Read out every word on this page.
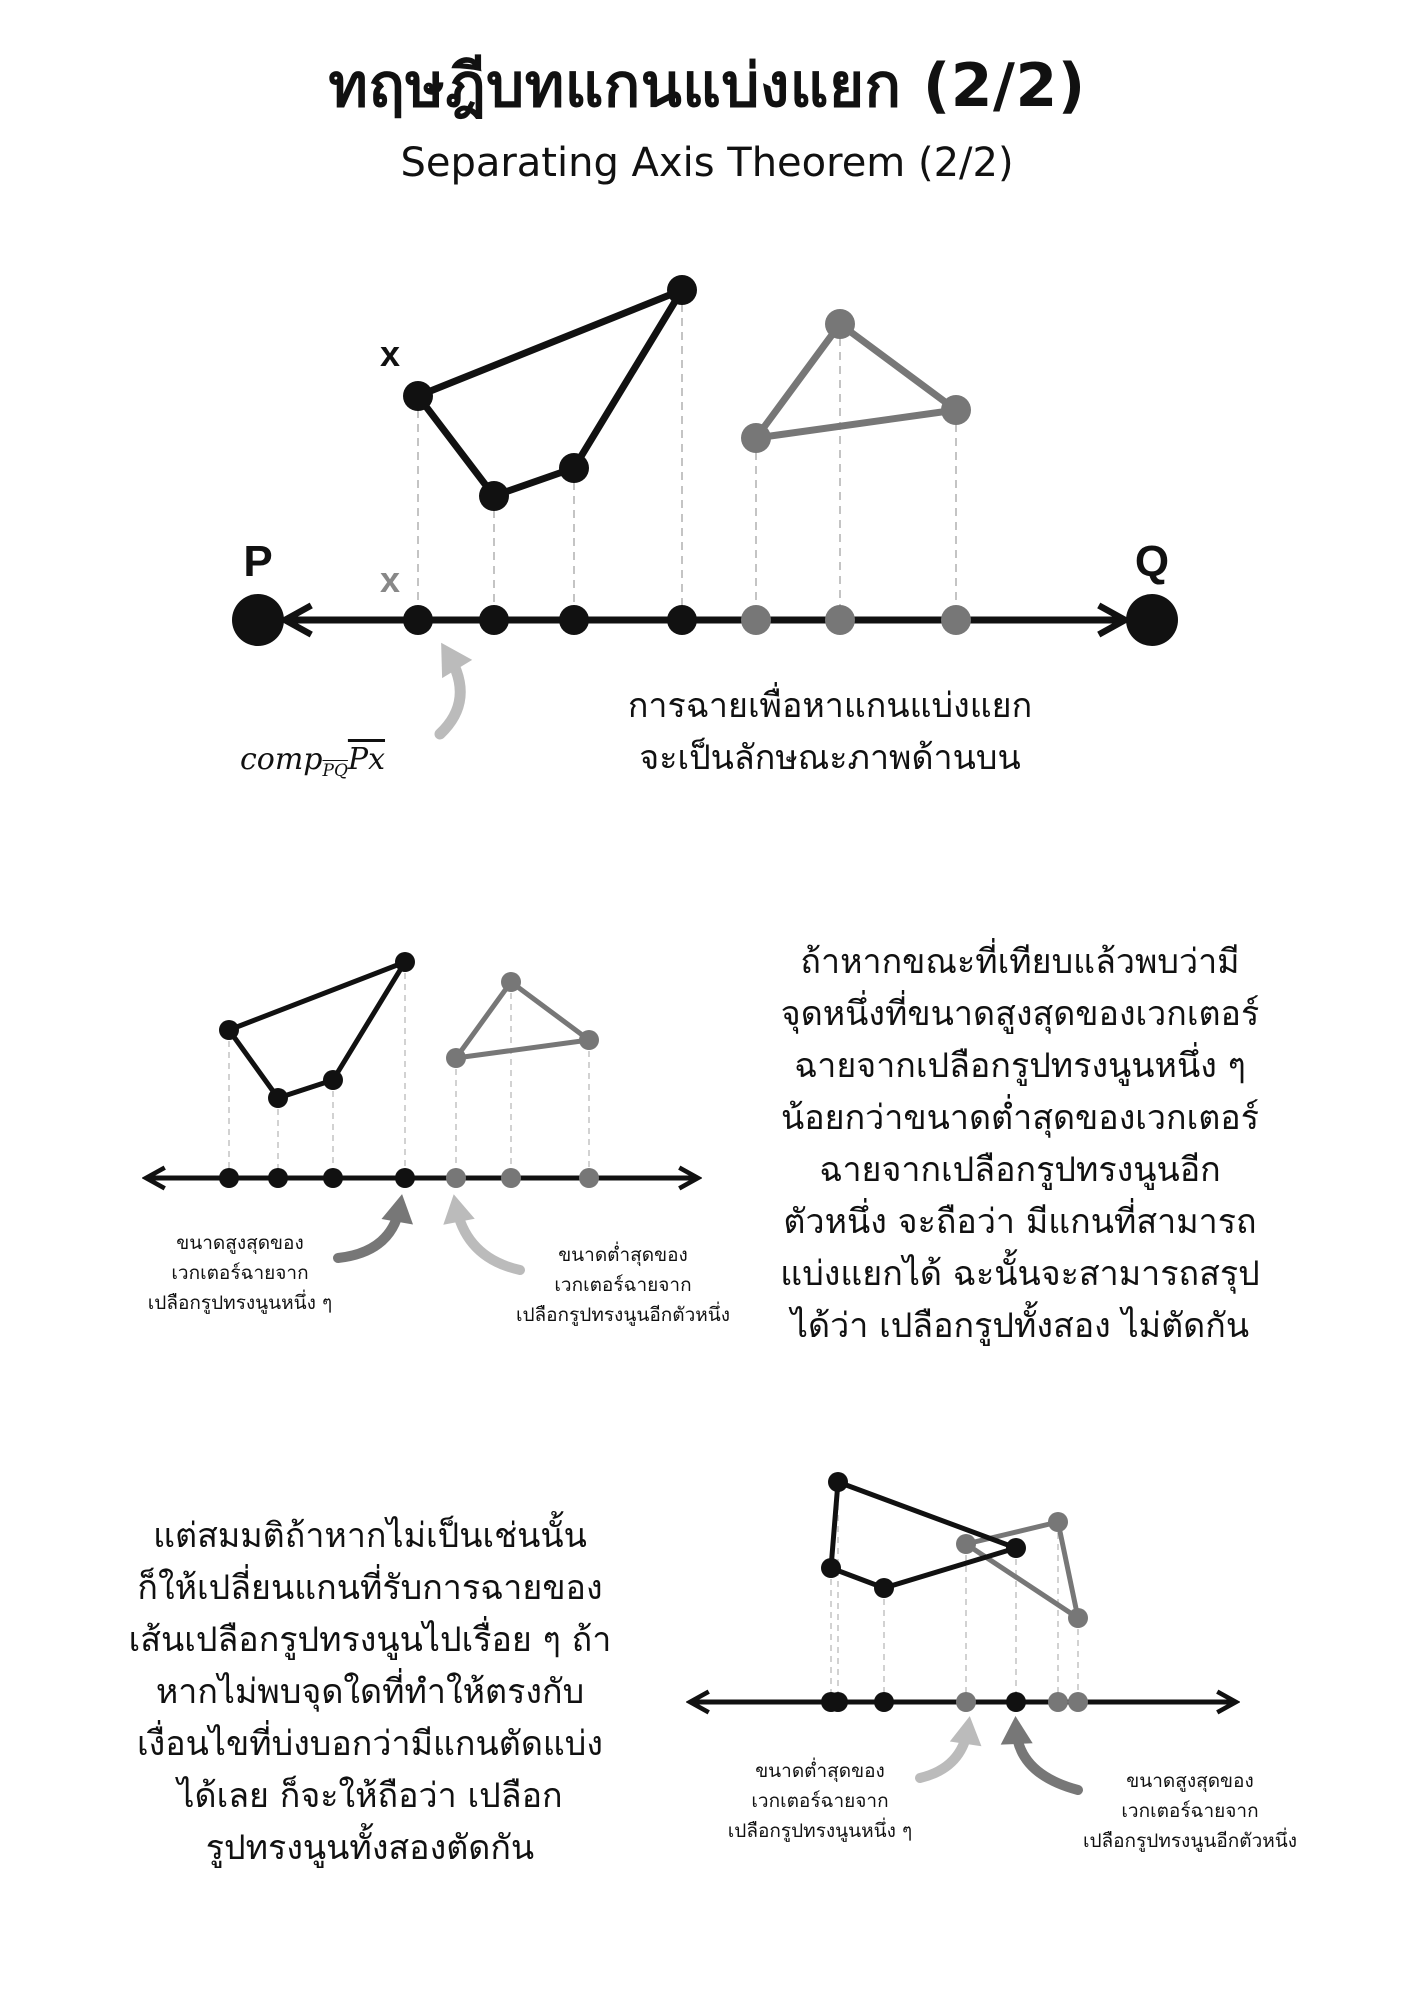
ทฤษฎีบทแกนแบ่งแยก (2/2)
Separating Axis Theorem (2/2)
P	Q
x
x
$comp_{\overline{PQ}}\overline{Px}$
การฉายเพื่อหาแกนแบ่งแยก
จะเป็นลักษณะภาพด้านบน
ขนาดสูงสุดของ
เวกเตอร์ฉายจาก
เปลือกรูปทรงนูนหนึ่ง ๆ
ขนาดต่ำสุดของ
เวกเตอร์ฉายจาก
เปลือกรูปทรงนูนอีกตัวหนึ่ง
ถ้าหากขณะที่เทียบแล้วพบว่ามี
จุดหนึ่งที่ขนาดสูงสุดของเวกเตอร์
ฉายจากเปลือกรูปทรงนูนหนึ่ง ๆ
น้อยกว่าขนาดต่ำสุดของเวกเตอร์
ฉายจากเปลือกรูปทรงนูนอีก
ตัวหนึ่ง จะถือว่า มีแกนที่สามารถ
แบ่งแยกได้ ฉะนั้นจะสามารถสรุป
ได้ว่า เปลือกรูปทั้งสอง ไม่ตัดกัน
แต่สมมติถ้าหากไม่เป็นเช่นนั้น
ก็ให้เปลี่ยนแกนที่รับการฉายของ
เส้นเปลือกรูปทรงนูนไปเรื่อย ๆ ถ้า
หากไม่พบจุดใดที่ทำให้ตรงกับ
เงื่อนไขที่บ่งบอกว่ามีแกนตัดแบ่ง
ได้เลย ก็จะให้ถือว่า เปลือก
รูปทรงนูนทั้งสองตัดกัน
ขนาดต่ำสุดของ
เวกเตอร์ฉายจาก
เปลือกรูปทรงนูนหนึ่ง ๆ
ขนาดสูงสุดของ
เวกเตอร์ฉายจาก
เปลือกรูปทรงนูนอีกตัวหนึ่ง
